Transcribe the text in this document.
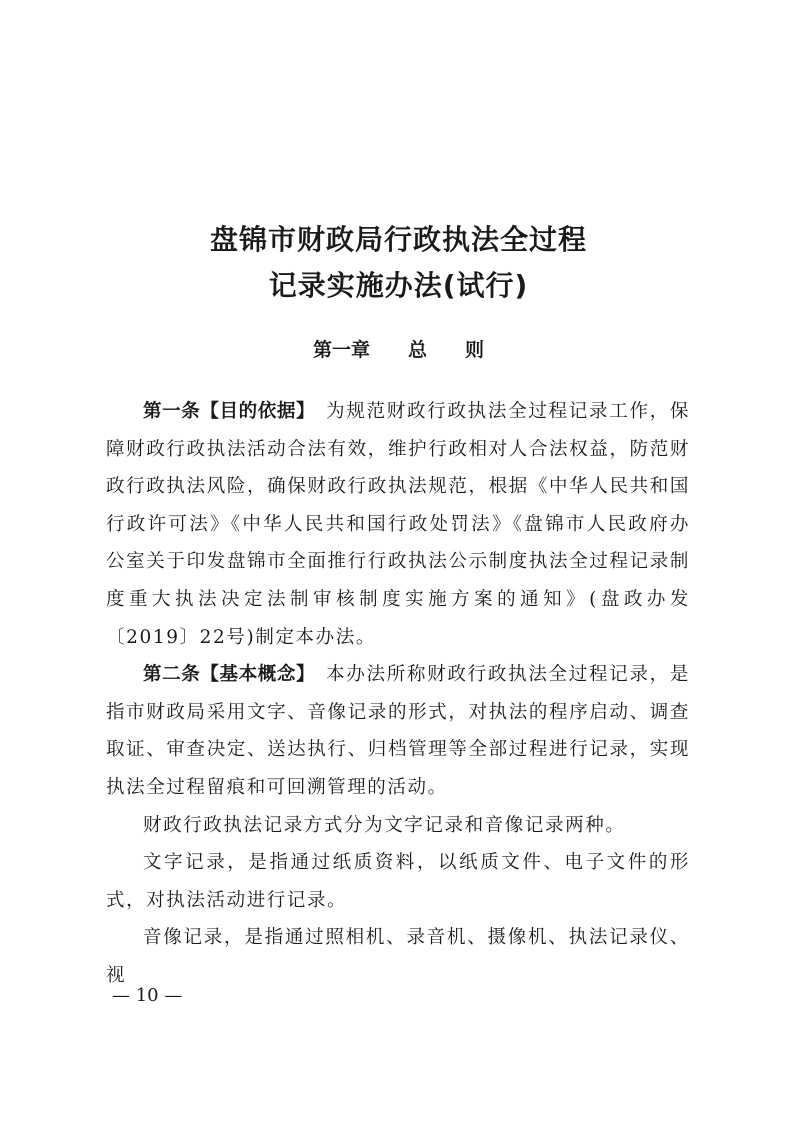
盘锦市财政局行政执法全过程
记录实施办法(试行)
第一章　　总　　则

第一条【目的依据】　为规范财政行政执法全过程记录工作，保障财政行政执法活动合法有效，维护行政相对人合法权益，防范财政行政执法风险，确保财政行政执法规范，根据《中华人民共和国行政许可法》《中华人民共和国行政处罚法》《盘锦市人民政府办公室关于印发盘锦市全面推行行政执法公示制度执法全过程记录制度重大执法决定法制审核制度实施方案的通知》(盘政办发〔2019〕22号)制定本办法。

第二条【基本概念】　本办法所称财政行政执法全过程记录，是指市财政局采用文字、音像记录的形式，对执法的程序启动、调查取证、审查决定、送达执行、归档管理等全部过程进行记录，实现执法全过程留痕和可回溯管理的活动。

财政行政执法记录方式分为文字记录和音像记录两种。

文字记录，是指通过纸质资料，以纸质文件、电子文件的形式，对执法活动进行记录。

音像记录，是指通过照相机、录音机、摄像机、执法记录仪、视

— 10 —
